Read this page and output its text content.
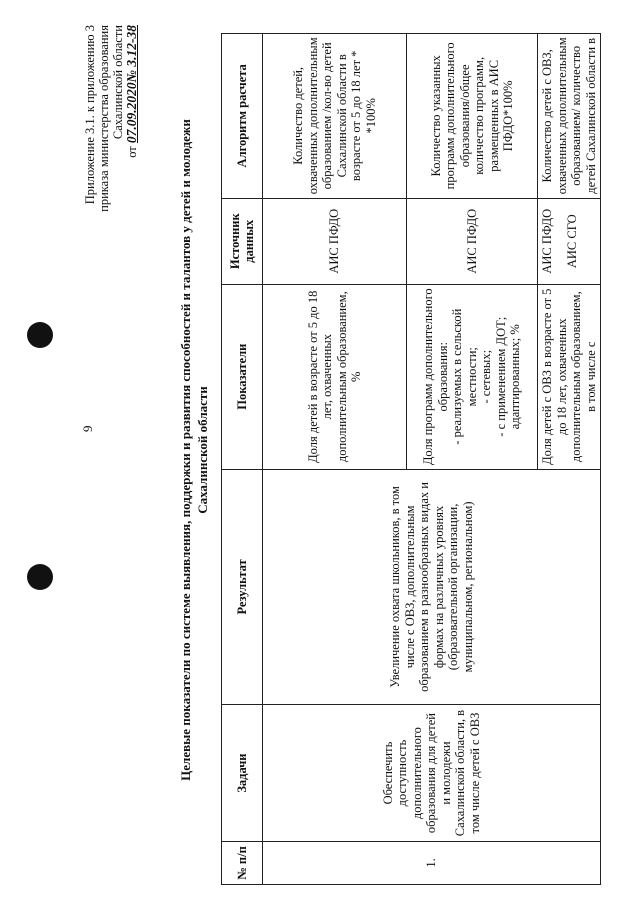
9
Приложение 3.1. к приложению 3 приказа министерства образования Сахалинской области
от 07.09.2020№ 3.12-38
Целевые показатели по системе выявления, поддержки и развития способностей и талантов у детей и молодежи Сахалинской области
№ п/п	Задачи	Результат	Показатели	Источник данных	Алгоритм расчета
1.	Обеспечить доступность дополнительного образования для детей и молодежи Сахалинской области, в том числе детей с ОВЗ	Увеличение охвата школьников, в том числе с ОВЗ, дополнительным образованием в разнообразных видах и формах на различных уровнях (образовательной организации, муниципальном, региональном)	Доля детей в возрасте от 5 до 18 лет, охваченных дополнительным образованием, %	АИС ПФДО	Количество детей, охваченных дополнительным образованием /кол-во детей Сахалинской области в возрасте от 5 до 18 лет * *100%

			Доля программ дополнительного образования: - реализуемых в сельской местности; - сетевых; - с применением ДОТ; адаптированных; %	АИС ПФДО	Количество указанных программ дополнительного образования/общее количество программ, размещенных в АИС ПФДО*100%
			Доля детей с ОВЗ в возрасте от 5 до 18 лет, охваченных дополнительным образованием, в том числе с	АИС ПФДО АИС СГО	Количество детей с ОВЗ, охваченных дополнительным образованием/ количество детей Сахалинской области в
